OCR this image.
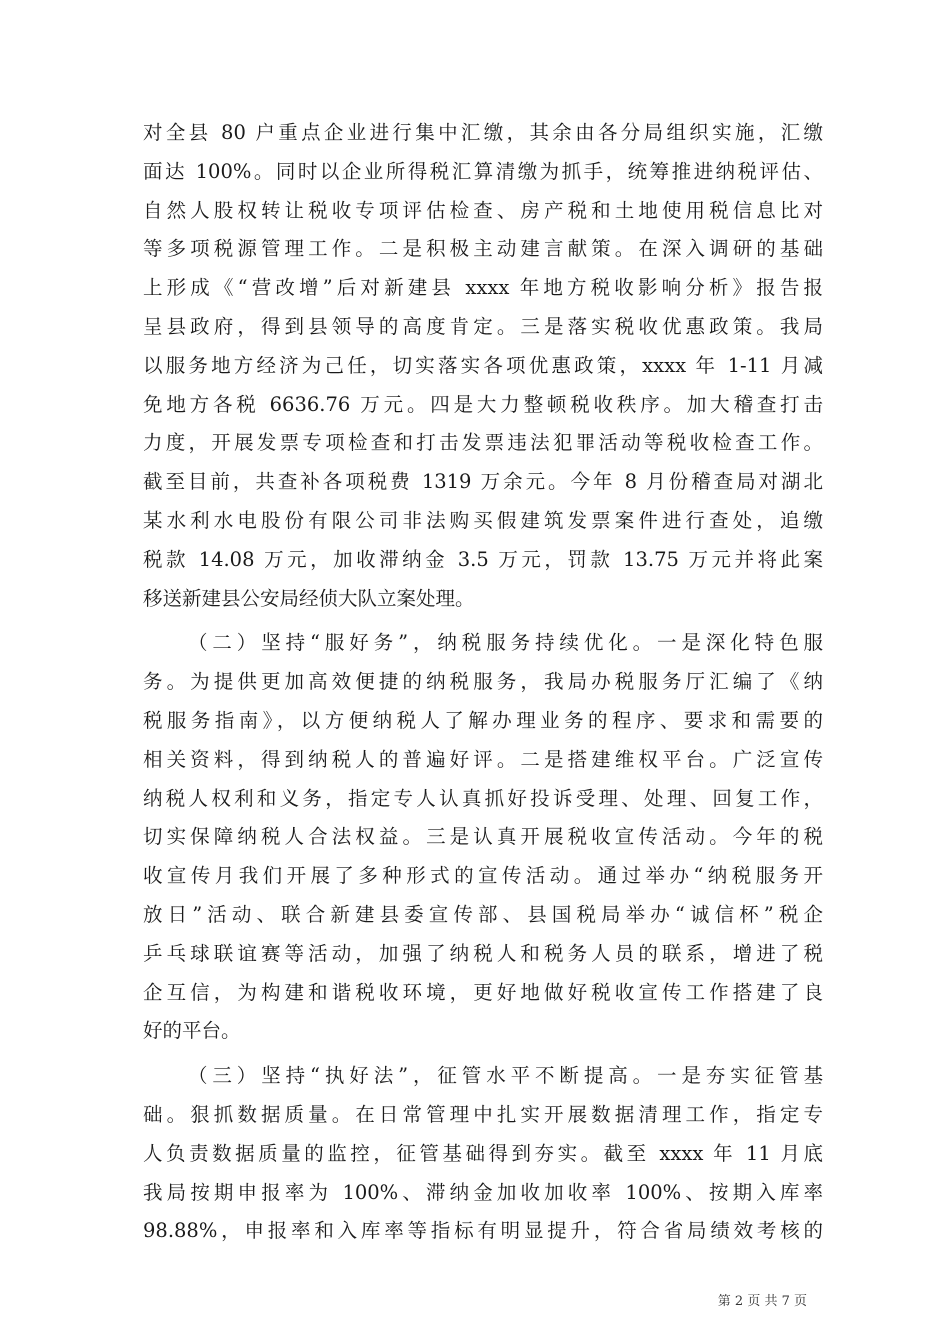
对全县 80 户重点企业进行集中汇缴，其余由各分局组织实施，汇缴
面达 100%。同时以企业所得税汇算清缴为抓手，统筹推进纳税评估、
自然人股权转让税收专项评估检查、房产税和土地使用税信息比对
等多项税源管理工作。二是积极主动建言献策。在深入调研的基础
上形成《“营改增”后对新建县 xxxx 年地方税收影响分析》报告报
呈县政府，得到县领导的高度肯定。三是落实税收优惠政策。我局
以服务地方经济为己任，切实落实各项优惠政策，xxxx 年 1-11 月减
免地方各税 6636.76 万元。四是大力整顿税收秩序。加大稽查打击
力度，开展发票专项检查和打击发票违法犯罪活动等税收检查工作。
截至目前，共查补各项税费 1319 万余元。今年 8 月份稽查局对湖北
某水利水电股份有限公司非法购买假建筑发票案件进行查处，追缴
税款 14.08 万元，加收滞纳金 3.5 万元，罚款 13.75 万元并将此案
移送新建县公安局经侦大队立案处理。
（二）坚持“服好务”，纳税服务持续优化。一是深化特色服
务。为提供更加高效便捷的纳税服务，我局办税服务厅汇编了《纳
税服务指南》，以方便纳税人了解办理业务的程序、要求和需要的
相关资料，得到纳税人的普遍好评。二是搭建维权平台。广泛宣传
纳税人权利和义务，指定专人认真抓好投诉受理、处理、回复工作，
切实保障纳税人合法权益。三是认真开展税收宣传活动。今年的税
收宣传月我们开展了多种形式的宣传活动。通过举办“纳税服务开
放日”活动、联合新建县委宣传部、县国税局举办“诚信杯”税企
乒乓球联谊赛等活动，加强了纳税人和税务人员的联系，增进了税
企互信，为构建和谐税收环境，更好地做好税收宣传工作搭建了良
好的平台。
（三）坚持“执好法”，征管水平不断提高。一是夯实征管基
础。狠抓数据质量。在日常管理中扎实开展数据清理工作，指定专
人负责数据质量的监控，征管基础得到夯实。截至 xxxx 年 11 月底
我局按期申报率为 100%、滞纳金加收加收率 100%、按期入库率
98.88%，申报率和入库率等指标有明显提升，符合省局绩效考核的
第 2 页 共 7 页
